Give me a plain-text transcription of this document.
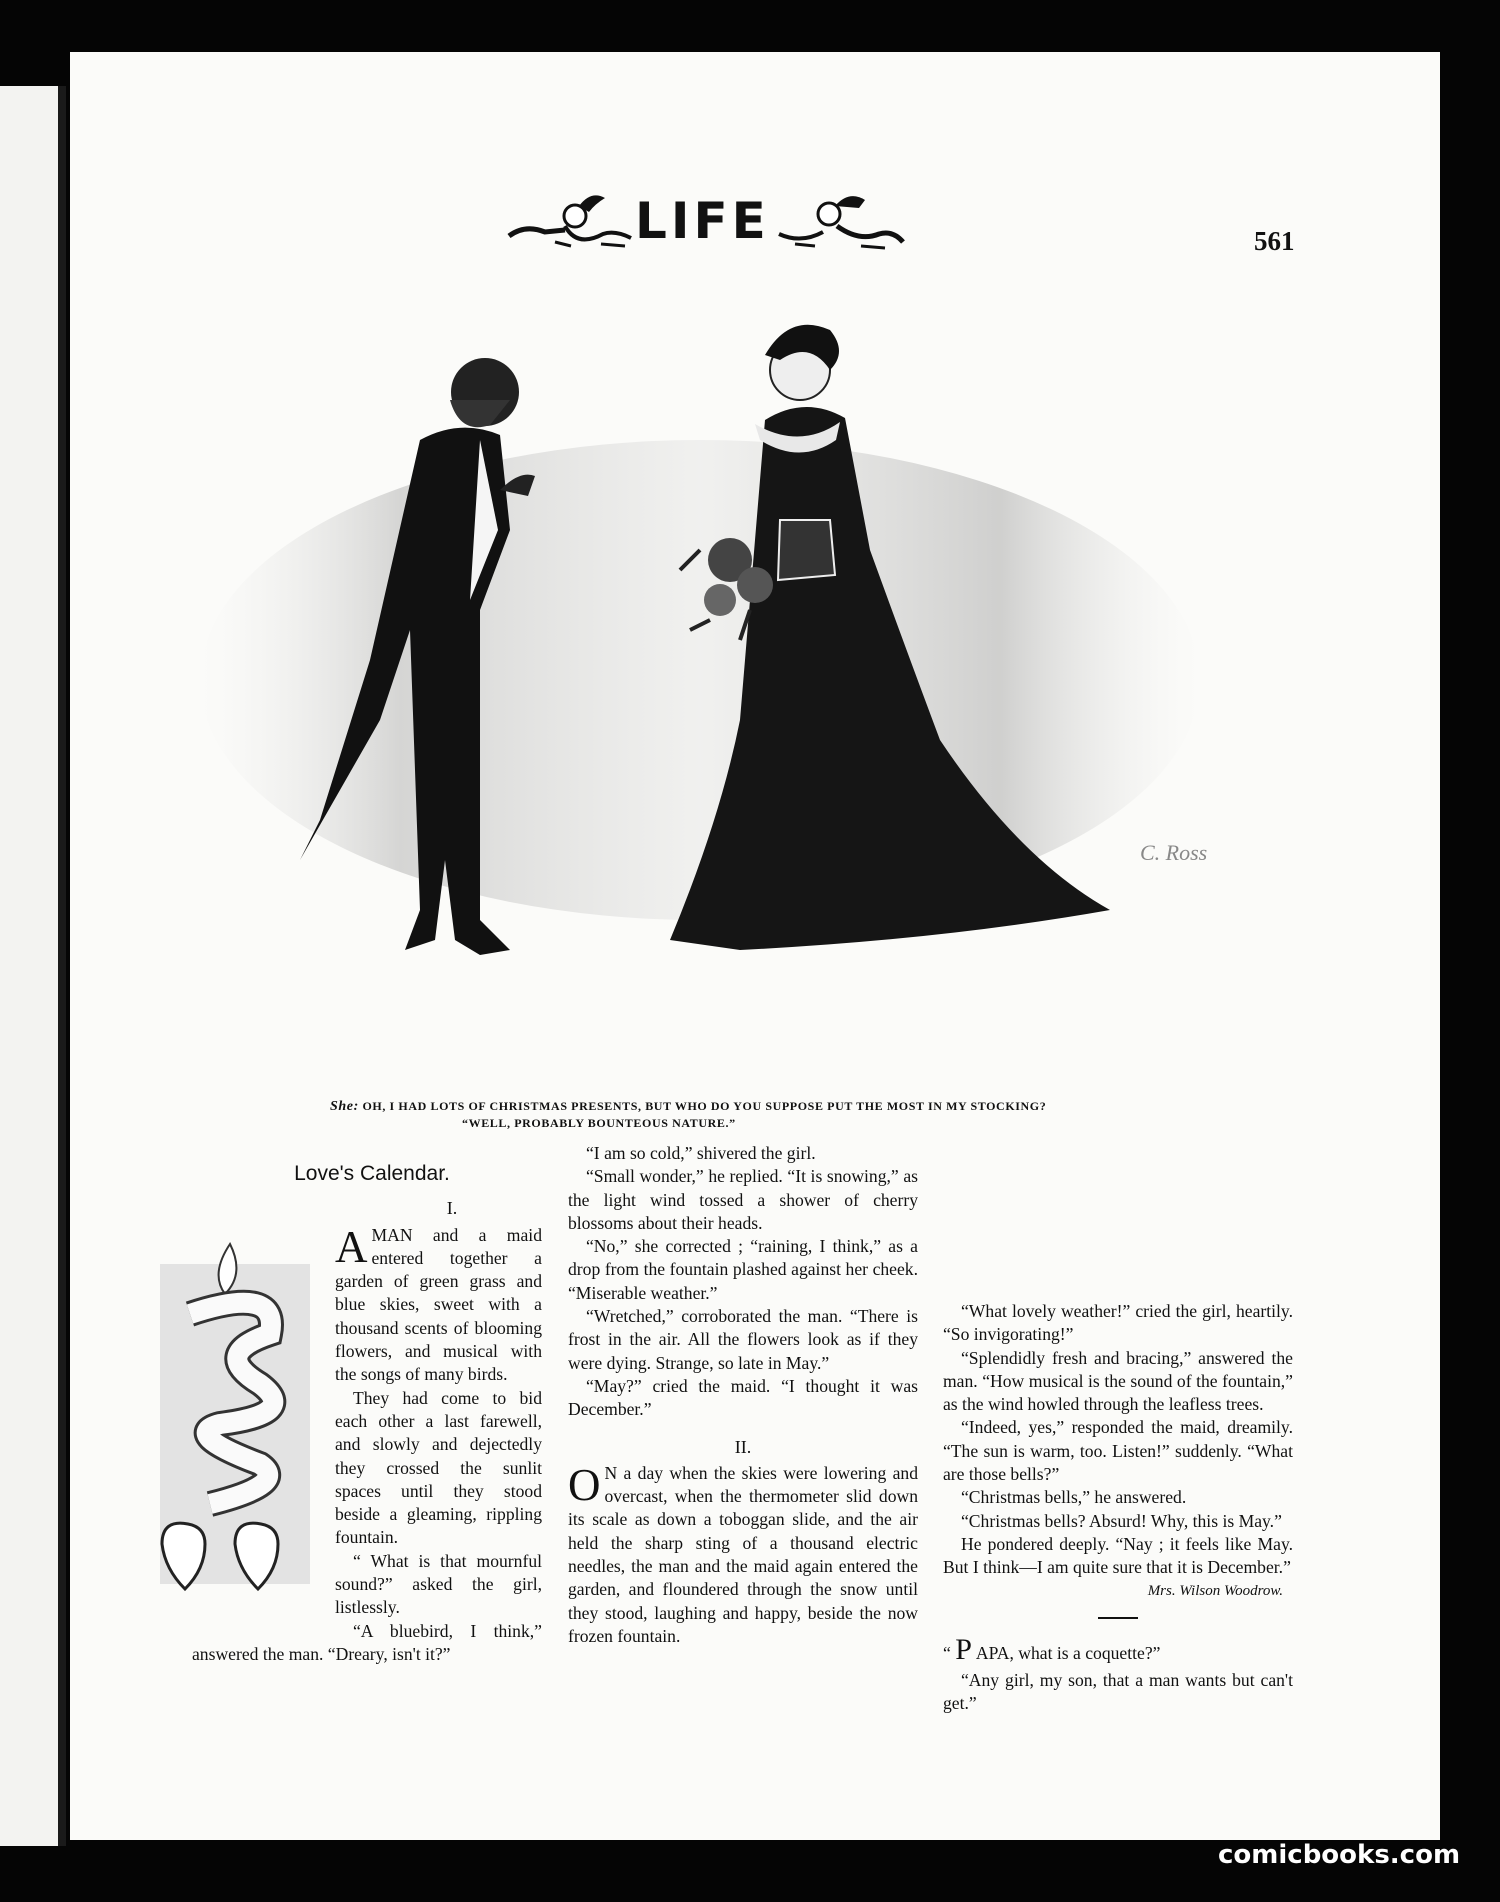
LIFE	561
C. Ross
She: OH, I HAD LOTS OF CHRISTMAS PRESENTS, BUT WHO DO YOU SUPPOSE PUT THE MOST IN MY STOCKING?
“WELL, PROBABLY BOUNTEOUS NATURE.”
Love's Calendar.
I.

AMAN and a maid entered together a garden of green grass and blue skies, sweet with a thousand scents of blooming flowers, and musical with the songs of many birds.

They had come to bid each other a last farewell, and slowly and dejectedly they crossed the sunlit spaces until they stood beside a gleaming, rippling fountain.

“ What is that mournful sound?” asked the girl, listlessly.

“A bluebird, I think,” answered the man. “Dreary, isn't it?”

“I am so cold,” shivered the girl.

“Small wonder,” he replied. “It is snowing,” as the light wind tossed a shower of cherry blossoms about their heads.

“No,” she corrected ; “raining, I think,” as a drop from the fountain plashed against her cheek. “Miserable weather.”

“Wretched,” corroborated the man. “There is frost in the air. All the flowers look as if they were dying. Strange, so late in May.”

“May?” cried the maid. “I thought it was December.”

II.

O N a day when the skies were lowering and overcast, when the thermometer slid down its scale as down a toboggan slide, and the air held the sharp sting of a thousand electric needles, the man and the maid again entered the garden, and floundered through the snow until they stood, laughing and happy, beside the now frozen fountain.

“What lovely weather!” cried the girl, heartily. “So invigorating!”

“Splendidly fresh and bracing,” answered the man. “How musical is the sound of the fountain,” as the wind howled through the leafless trees.

“Indeed, yes,” responded the maid, dreamily. “The sun is warm, too. Listen!” suddenly. “What are those bells?”

“Christmas bells,” he answered.

“Christmas bells? Absurd! Why, this is May.”

He pondered deeply. “Nay ; it feels like May. But I think—I am quite sure that it is December.”

Mrs. Wilson Woodrow.

“ P APA, what is a coquette?”

“Any girl, my son, that a man wants but can't get.”

comicbooks.com
